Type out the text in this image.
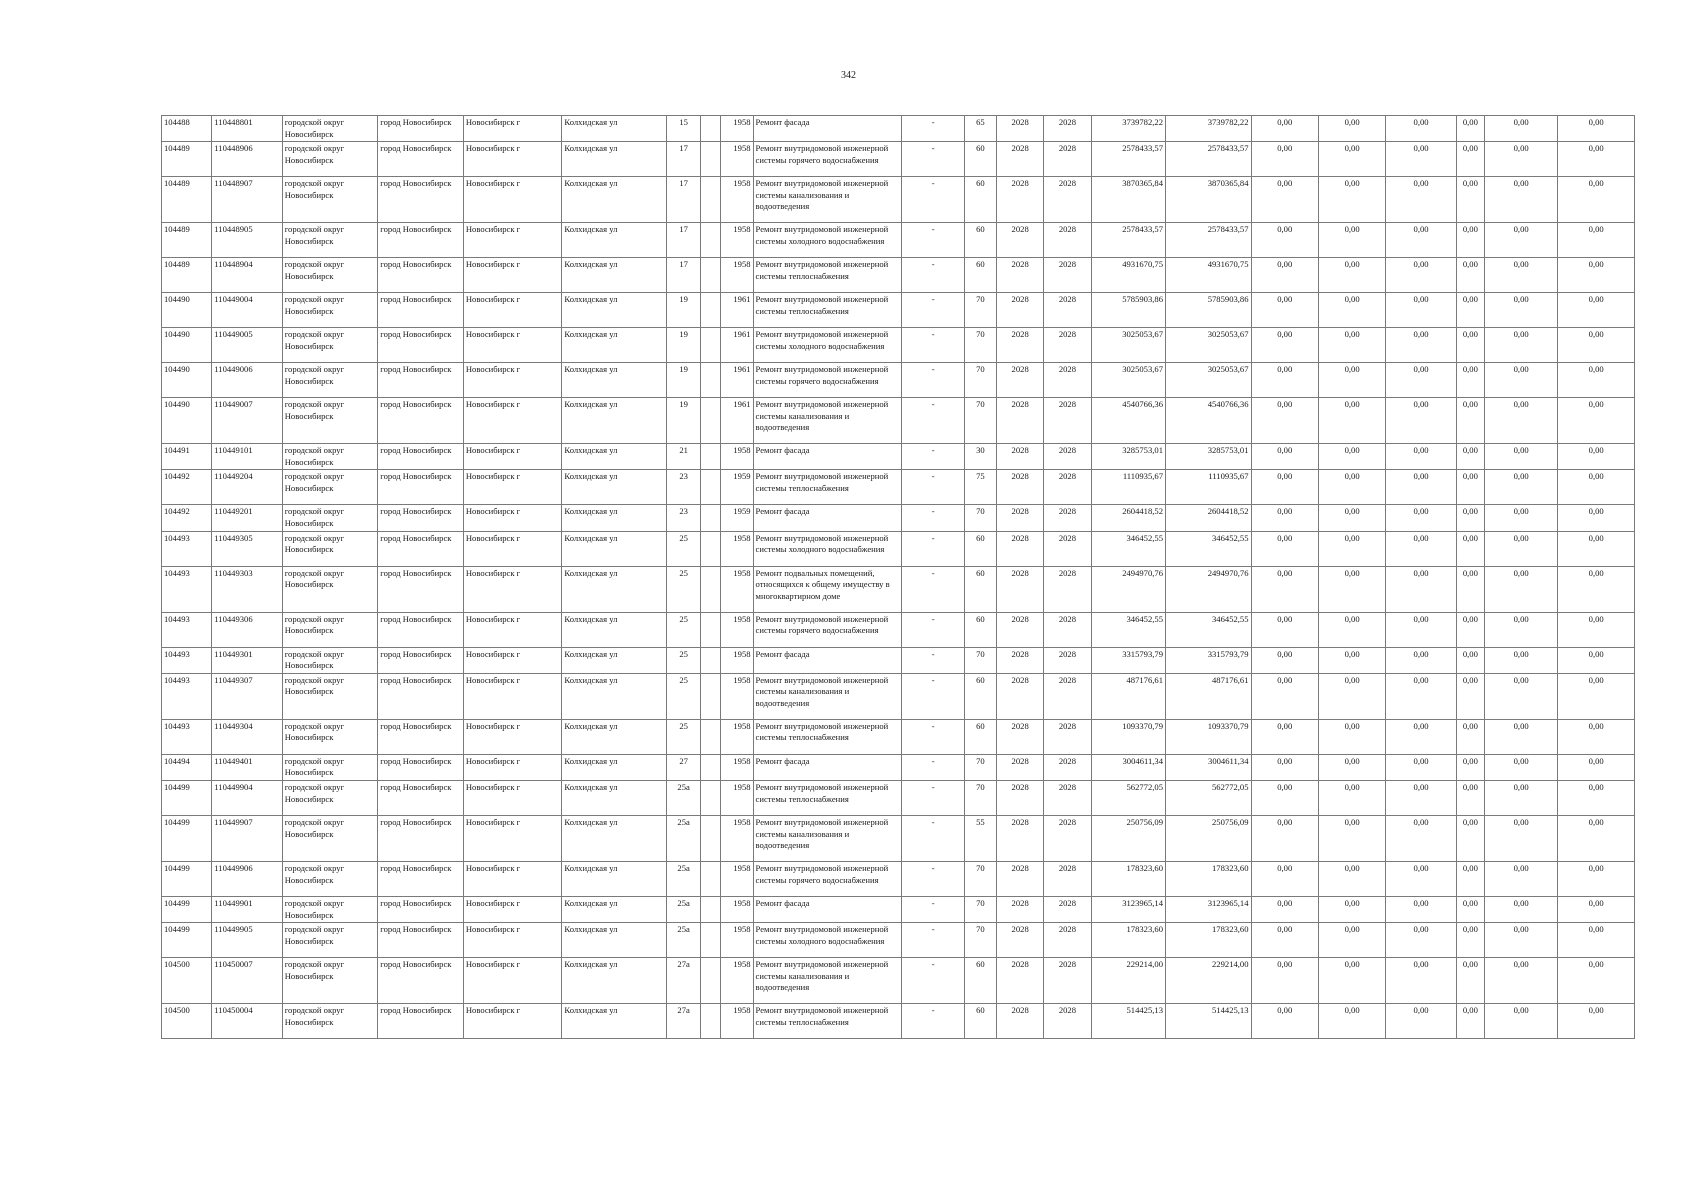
342
104488	110448801	городской округ Новосибирск	город Новосибирск	Новосибирск г	Колхидская ул	15		1958	Ремонт фасада	-	65	2028	2028	3739782,22	3739782,22	0,00	0,00	0,00	0,00	0,00	0,00
104489	110448906	городской округ Новосибирск	город Новосибирск	Новосибирск г	Колхидская ул	17		1958	Ремонт внутридомовой инженерной системы горячего водоснабжения	-	60	2028	2028	2578433,57	2578433,57	0,00	0,00	0,00	0,00	0,00	0,00
104489	110448907	городской округ Новосибирск	город Новосибирск	Новосибирск г	Колхидская ул	17		1958	Ремонт внутридомовой инженерной системы канализования и водоотведения	-	60	2028	2028	3870365,84	3870365,84	0,00	0,00	0,00	0,00	0,00	0,00
104489	110448905	городской округ Новосибирск	город Новосибирск	Новосибирск г	Колхидская ул	17		1958	Ремонт внутридомовой инженерной системы холодного водоснабжения	-	60	2028	2028	2578433,57	2578433,57	0,00	0,00	0,00	0,00	0,00	0,00
104489	110448904	городской округ Новосибирск	город Новосибирск	Новосибирск г	Колхидская ул	17		1958	Ремонт внутридомовой инженерной системы теплоснабжения	-	60	2028	2028	4931670,75	4931670,75	0,00	0,00	0,00	0,00	0,00	0,00
104490	110449004	городской округ Новосибирск	город Новосибирск	Новосибирск г	Колхидская ул	19		1961	Ремонт внутридомовой инженерной системы теплоснабжения	-	70	2028	2028	5785903,86	5785903,86	0,00	0,00	0,00	0,00	0,00	0,00
104490	110449005	городской округ Новосибирск	город Новосибирск	Новосибирск г	Колхидская ул	19		1961	Ремонт внутридомовой инженерной системы холодного водоснабжения	-	70	2028	2028	3025053,67	3025053,67	0,00	0,00	0,00	0,00	0,00	0,00
104490	110449006	городской округ Новосибирск	город Новосибирск	Новосибирск г	Колхидская ул	19		1961	Ремонт внутридомовой инженерной системы горячего водоснабжения	-	70	2028	2028	3025053,67	3025053,67	0,00	0,00	0,00	0,00	0,00	0,00
104490	110449007	городской округ Новосибирск	город Новосибирск	Новосибирск г	Колхидская ул	19		1961	Ремонт внутридомовой инженерной системы канализования и водоотведения	-	70	2028	2028	4540766,36	4540766,36	0,00	0,00	0,00	0,00	0,00	0,00
104491	110449101	городской округ Новосибирск	город Новосибирск	Новосибирск г	Колхидская ул	21		1958	Ремонт фасада	-	30	2028	2028	3285753,01	3285753,01	0,00	0,00	0,00	0,00	0,00	0,00
104492	110449204	городской округ Новосибирск	город Новосибирск	Новосибирск г	Колхидская ул	23		1959	Ремонт внутридомовой инженерной системы теплоснабжения	-	75	2028	2028	1110935,67	1110935,67	0,00	0,00	0,00	0,00	0,00	0,00
104492	110449201	городской округ Новосибирск	город Новосибирск	Новосибирск г	Колхидская ул	23		1959	Ремонт фасада	-	70	2028	2028	2604418,52	2604418,52	0,00	0,00	0,00	0,00	0,00	0,00
104493	110449305	городской округ Новосибирск	город Новосибирск	Новосибирск г	Колхидская ул	25		1958	Ремонт внутридомовой инженерной системы холодного водоснабжения	-	60	2028	2028	346452,55	346452,55	0,00	0,00	0,00	0,00	0,00	0,00
104493	110449303	городской округ Новосибирск	город Новосибирск	Новосибирск г	Колхидская ул	25		1958	Ремонт подвальных помещений, относящихся к общему имуществу в многоквартирном доме	-	60	2028	2028	2494970,76	2494970,76	0,00	0,00	0,00	0,00	0,00	0,00
104493	110449306	городской округ Новосибирск	город Новосибирск	Новосибирск г	Колхидская ул	25		1958	Ремонт внутридомовой инженерной системы горячего водоснабжения	-	60	2028	2028	346452,55	346452,55	0,00	0,00	0,00	0,00	0,00	0,00
104493	110449301	городской округ Новосибирск	город Новосибирск	Новосибирск г	Колхидская ул	25		1958	Ремонт фасада	-	70	2028	2028	3315793,79	3315793,79	0,00	0,00	0,00	0,00	0,00	0,00
104493	110449307	городской округ Новосибирск	город Новосибирск	Новосибирск г	Колхидская ул	25		1958	Ремонт внутридомовой инженерной системы канализования и водоотведения	-	60	2028	2028	487176,61	487176,61	0,00	0,00	0,00	0,00	0,00	0,00
104493	110449304	городской округ Новосибирск	город Новосибирск	Новосибирск г	Колхидская ул	25		1958	Ремонт внутридомовой инженерной системы теплоснабжения	-	60	2028	2028	1093370,79	1093370,79	0,00	0,00	0,00	0,00	0,00	0,00
104494	110449401	городской округ Новосибирск	город Новосибирск	Новосибирск г	Колхидская ул	27		1958	Ремонт фасада	-	70	2028	2028	3004611,34	3004611,34	0,00	0,00	0,00	0,00	0,00	0,00
104499	110449904	городской округ Новосибирск	город Новосибирск	Новосибирск г	Колхидская ул	25а		1958	Ремонт внутридомовой инженерной системы теплоснабжения	-	70	2028	2028	562772,05	562772,05	0,00	0,00	0,00	0,00	0,00	0,00
104499	110449907	городской округ Новосибирск	город Новосибирск	Новосибирск г	Колхидская ул	25а		1958	Ремонт внутридомовой инженерной системы канализования и водоотведения	-	55	2028	2028	250756,09	250756,09	0,00	0,00	0,00	0,00	0,00	0,00
104499	110449906	городской округ Новосибирск	город Новосибирск	Новосибирск г	Колхидская ул	25а		1958	Ремонт внутридомовой инженерной системы горячего водоснабжения	-	70	2028	2028	178323,60	178323,60	0,00	0,00	0,00	0,00	0,00	0,00
104499	110449901	городской округ Новосибирск	город Новосибирск	Новосибирск г	Колхидская ул	25а		1958	Ремонт фасада	-	70	2028	2028	3123965,14	3123965,14	0,00	0,00	0,00	0,00	0,00	0,00
104499	110449905	городской округ Новосибирск	город Новосибирск	Новосибирск г	Колхидская ул	25а		1958	Ремонт внутридомовой инженерной системы холодного водоснабжения	-	70	2028	2028	178323,60	178323,60	0,00	0,00	0,00	0,00	0,00	0,00
104500	110450007	городской округ Новосибирск	город Новосибирск	Новосибирск г	Колхидская ул	27а		1958	Ремонт внутридомовой инженерной системы канализования и водоотведения	-	60	2028	2028	229214,00	229214,00	0,00	0,00	0,00	0,00	0,00	0,00
104500	110450004	городской округ Новосибирск	город Новосибирск	Новосибирск г	Колхидская ул	27а		1958	Ремонт внутридомовой инженерной системы теплоснабжения	-	60	2028	2028	514425,13	514425,13	0,00	0,00	0,00	0,00	0,00	0,00
